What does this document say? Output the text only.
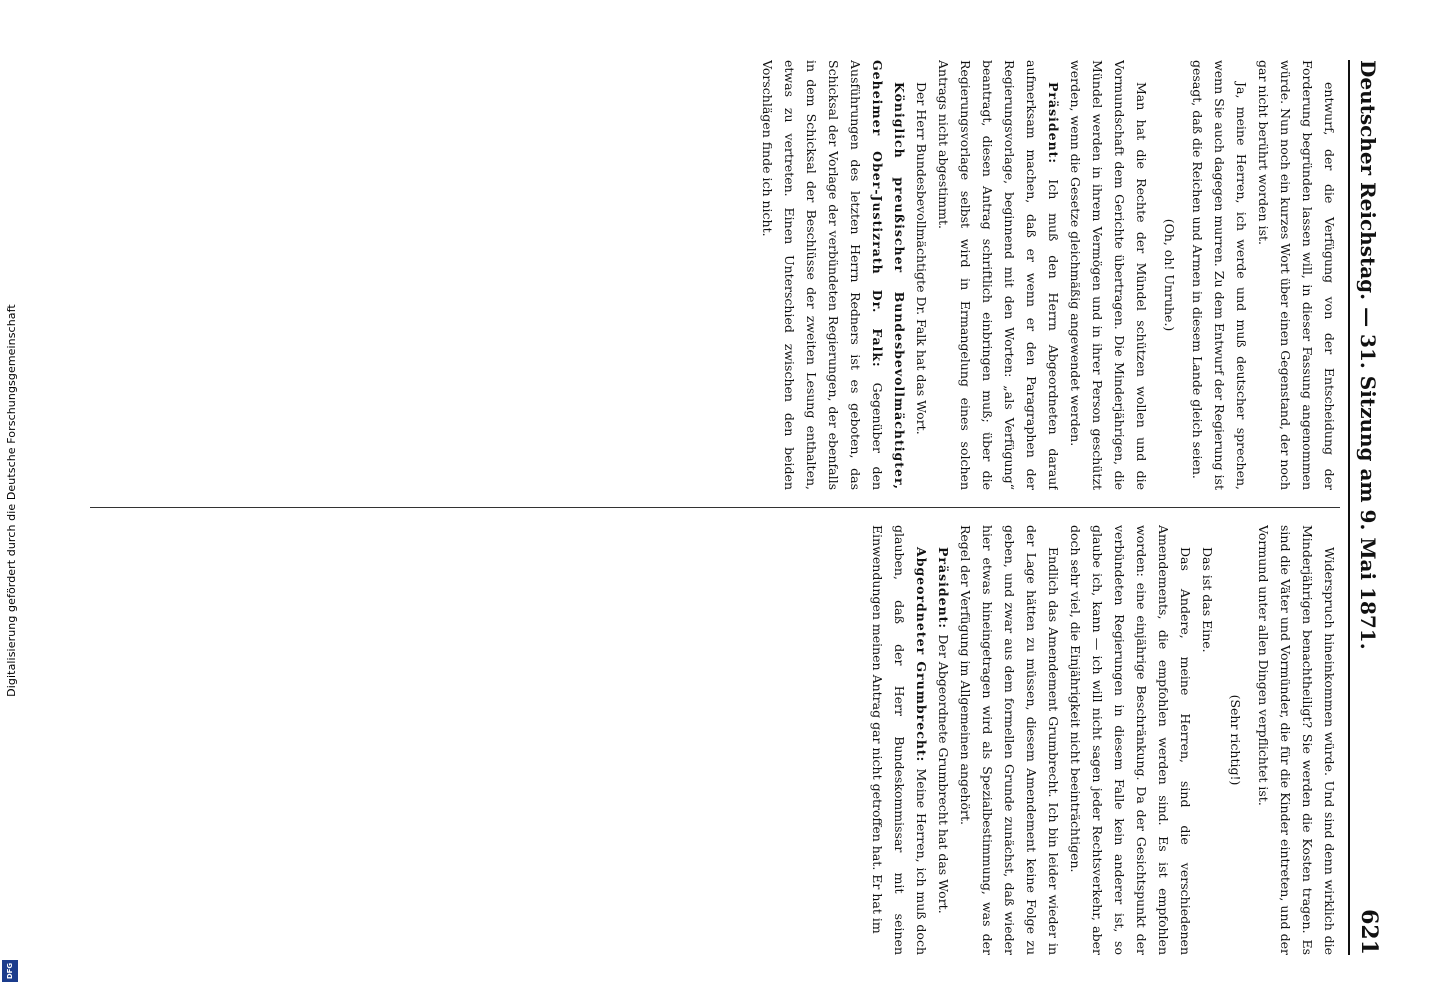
Digitalisierung gefördert durch die Deutsche Forschungsgemeinschaft
DFG
Deutscher Reichstag. — 31. Sitzung am 9. Mai 1871.
621

entwurf, der die Verfügung von der Entscheidung der Forderung begründen lassen will, in dieser Fassung angenommen würde. Nun noch ein kurzes Wort über einen Gegenstand, der noch gar nicht berührt worden ist.

Ja, meine Herren, ich werde und muß deutscher sprechen, wenn Sie auch dagegen murren. Zu dem Entwurf der Regierung ist gesagt, daß die Reichen und Armen in diesem Lande gleich seien.

(Oh, oh! Unruhe.)

Man hat die Rechte der Mündel schützen wollen und die Vormundschaft dem Gerichte übertragen. Die Minderjährigen, die Mündel werden in ihrem Vermögen und in ihrer Person geschützt werden, wenn die Gesetze gleichmäßig angewendet werden.

Präsident: Ich muß den Herrn Abgeordneten darauf aufmerksam machen, daß er wenn er den Paragraphen der Regierungsvorlage, beginnend mit den Worten: „als Verfügung“ beantragt, diesen Antrag schriftlich einbringen muß; über die Regierungsvorlage selbst wird in Ermangelung eines solchen Antrags nicht abgestimmt.

Der Herr Bundesbevollmächtigte Dr. Falk hat das Wort.

Königlich preußischer Bundesbevollmächtigter, Geheimer Ober-Justizrath Dr. Falk: Gegenüber den Ausführungen des letzten Herrn Redners ist es geboten, das Schicksal der Vorlage der verbündeten Regierungen, der ebenfalls in dem Schicksal der Beschlüsse der zweiten Lesung enthalten, etwas zu vertreten. Einen Unterschied zwischen den beiden Vorschlägen finde ich nicht.

Widerspruch hineinkommen würde. Und sind denn wirklich die Minderjährigen benachtheiligt? Sie werden die Kosten tragen. Es sind die Väter und Vormünder, die für die Kinder eintreten, und der Vormund unter allen Dingen verpflichtet ist.

(Sehr richtig!)

Das ist das Eine.

Das Andere, meine Herren, sind die verschiedenen Amendements, die empfohlen werden sind. Es ist empfohlen worden: eine einjährige Beschränkung. Da der Gesichtspunkt der verbündeten Regierungen in diesem Falle kein anderer ist, so glaube ich, kann — ich will nicht sagen jeder Rechtsverkehr, aber doch sehr viel, die Einjährigkeit nicht beeinträchtigen.

Endlich das Amendement Grumbrecht. Ich bin leider wieder in der Lage hätten zu müssen, diesem Amendement keine Folge zu geben, und zwar aus dem formellen Grunde zunächst, daß wieder hier etwas hineingetragen wird als Spezialbestimmung, was der Regel der Verfügung im Allgemeinen angehört.

Präsident: Der Abgeordnete Grumbrecht hat das Wort.

Abgeordneter Grumbrecht: Meine Herren, ich muß doch glauben, daß der Herr Bundeskommissar mit seinen Einwendungen meinen Antrag gar nicht getroffen hat. Er hat im
